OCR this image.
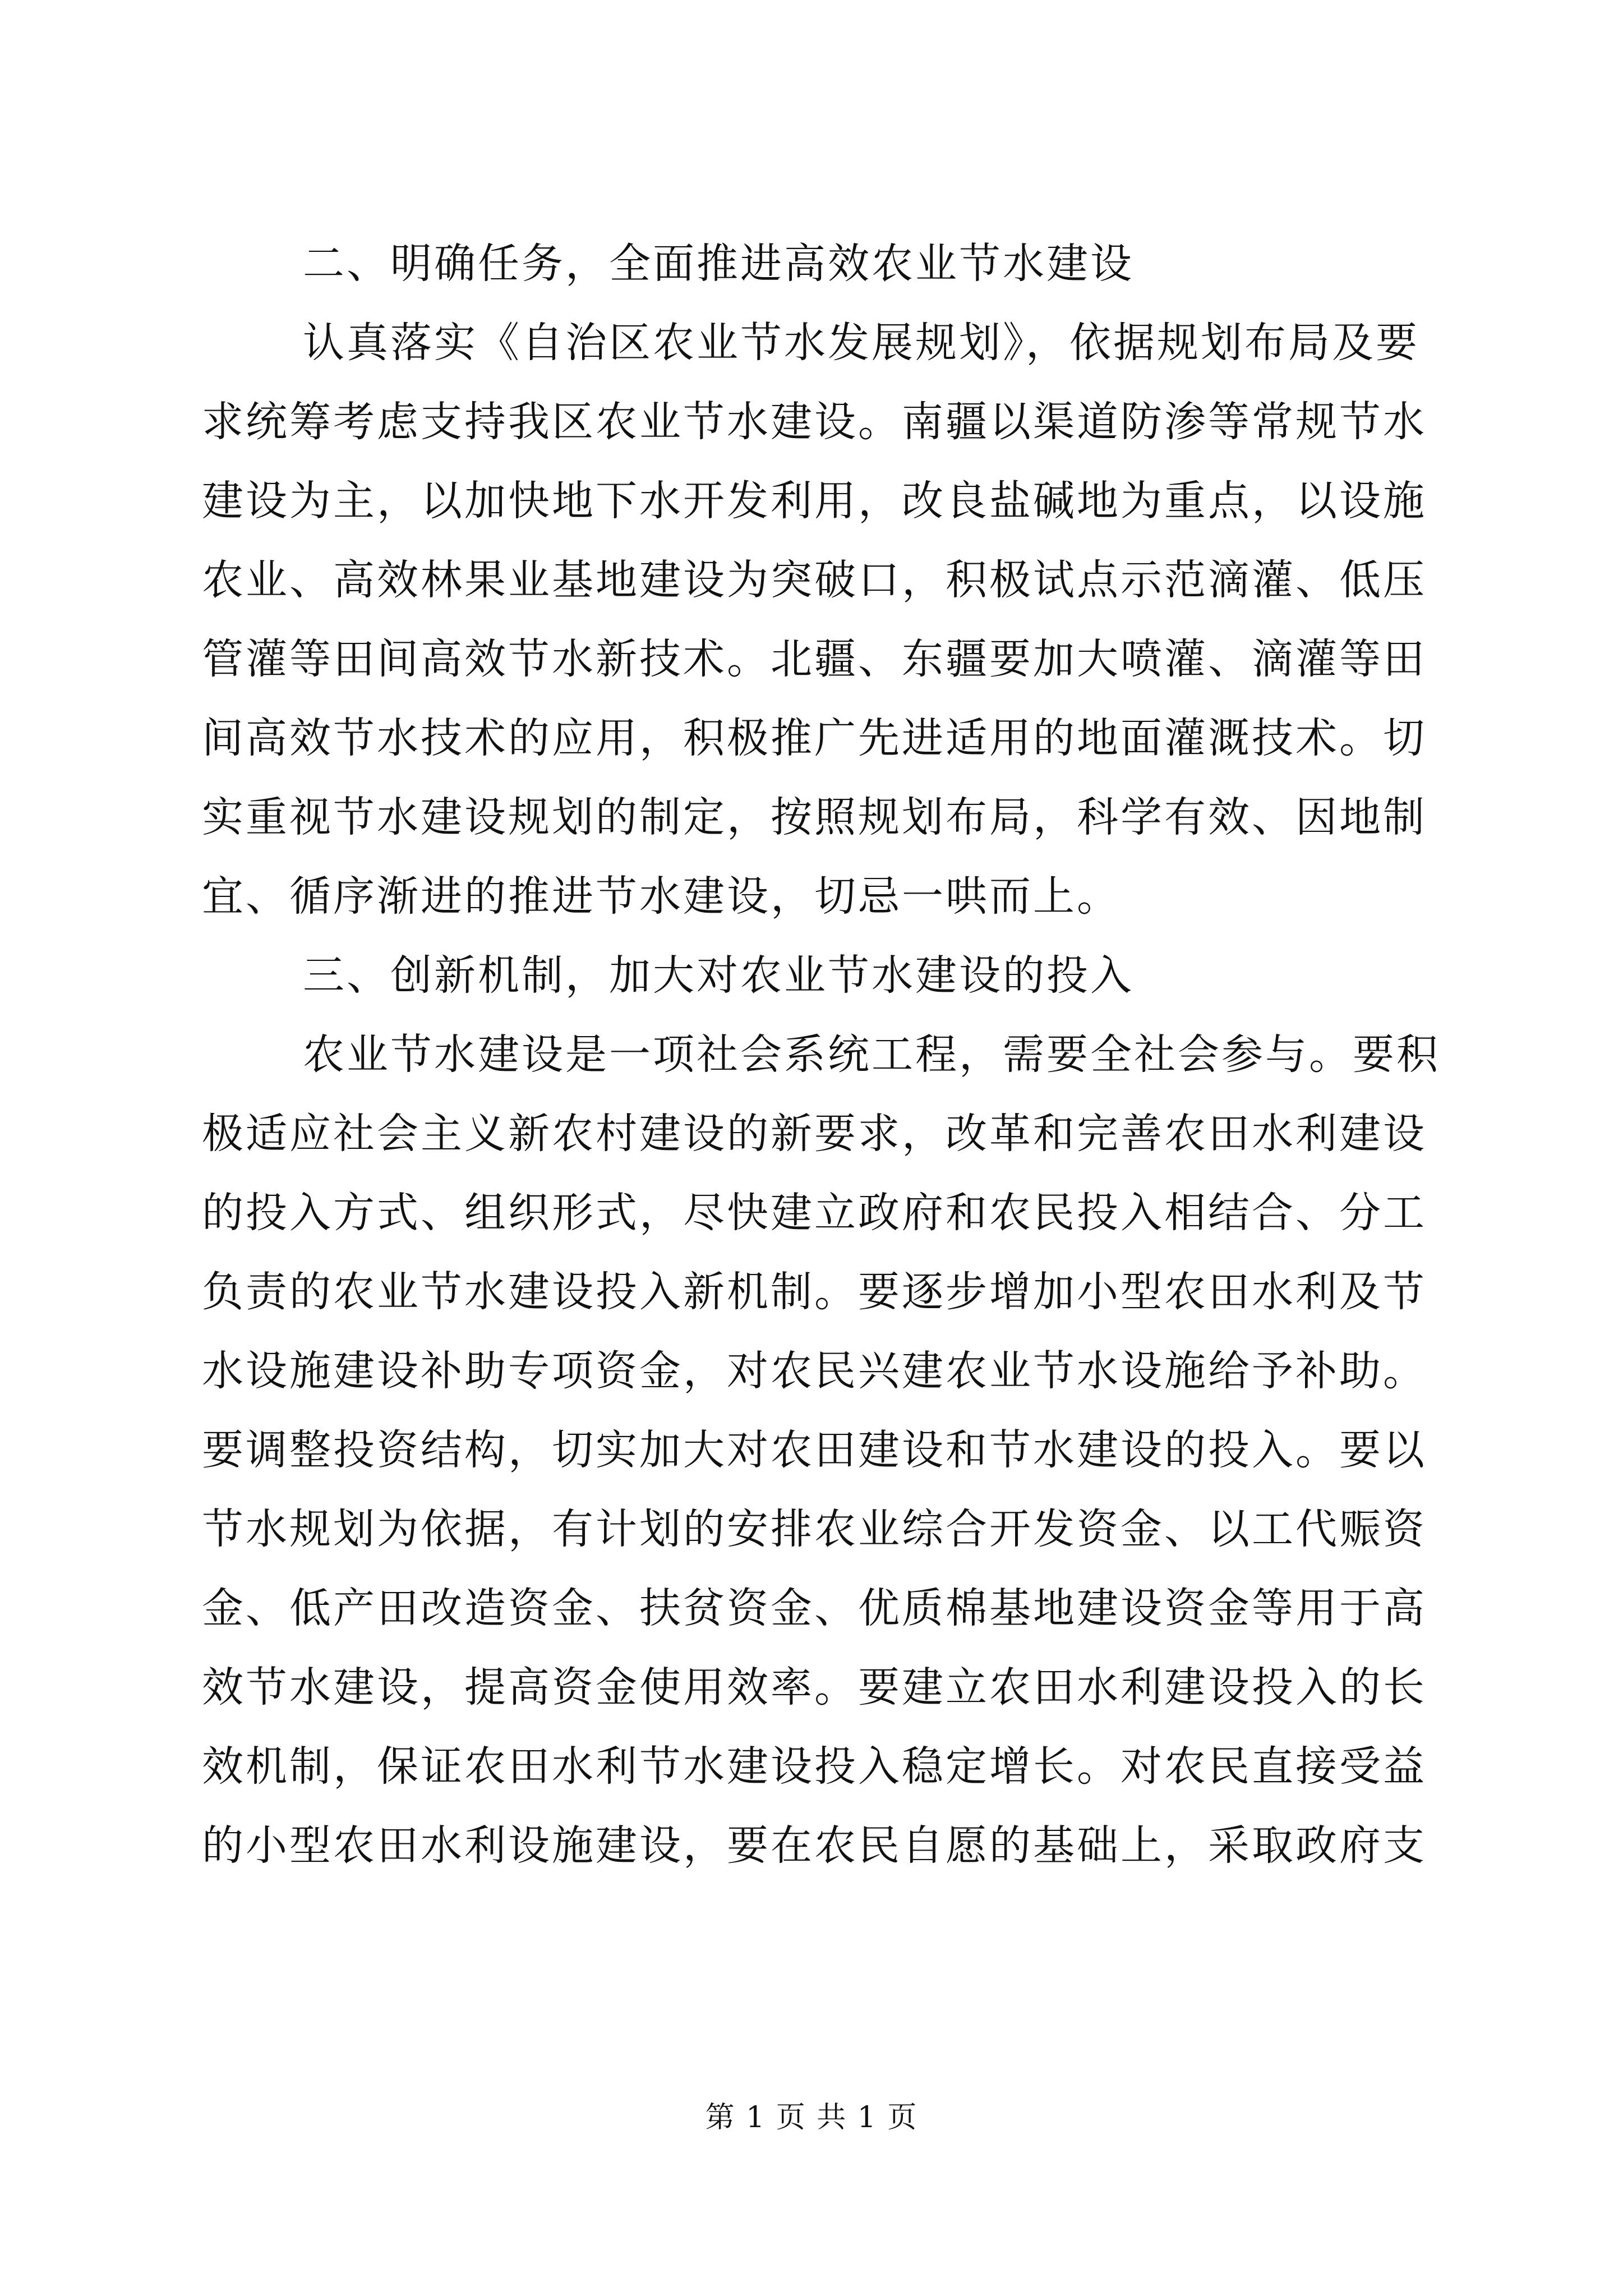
二、明确任务，全面推进高效农业节水建设
认真落实《自治区农业节水发展规划》，依据规划布局及要
求统筹考虑支持我区农业节水建设。南疆以渠道防渗等常规节水
建设为主，以加快地下水开发利用，改良盐碱地为重点，以设施
农业、高效林果业基地建设为突破口，积极试点示范滴灌、低压
管灌等田间高效节水新技术。北疆、东疆要加大喷灌、滴灌等田
间高效节水技术的应用，积极推广先进适用的地面灌溉技术。切
实重视节水建设规划的制定，按照规划布局，科学有效、因地制
宜、循序渐进的推进节水建设，切忌一哄而上。
三、创新机制，加大对农业节水建设的投入
农业节水建设是一项社会系统工程，需要全社会参与。要积
极适应社会主义新农村建设的新要求，改革和完善农田水利建设
的投入方式、组织形式，尽快建立政府和农民投入相结合、分工
负责的农业节水建设投入新机制。要逐步增加小型农田水利及节
水设施建设补助专项资金，对农民兴建农业节水设施给予补助。
要调整投资结构，切实加大对农田建设和节水建设的投入。要以
节水规划为依据，有计划的安排农业综合开发资金、以工代赈资
金、低产田改造资金、扶贫资金、优质棉基地建设资金等用于高
效节水建设，提高资金使用效率。要建立农田水利建设投入的长
效机制，保证农田水利节水建设投入稳定增长。对农民直接受益
的小型农田水利设施建设，要在农民自愿的基础上，采取政府支
第 1 页 共 1 页
